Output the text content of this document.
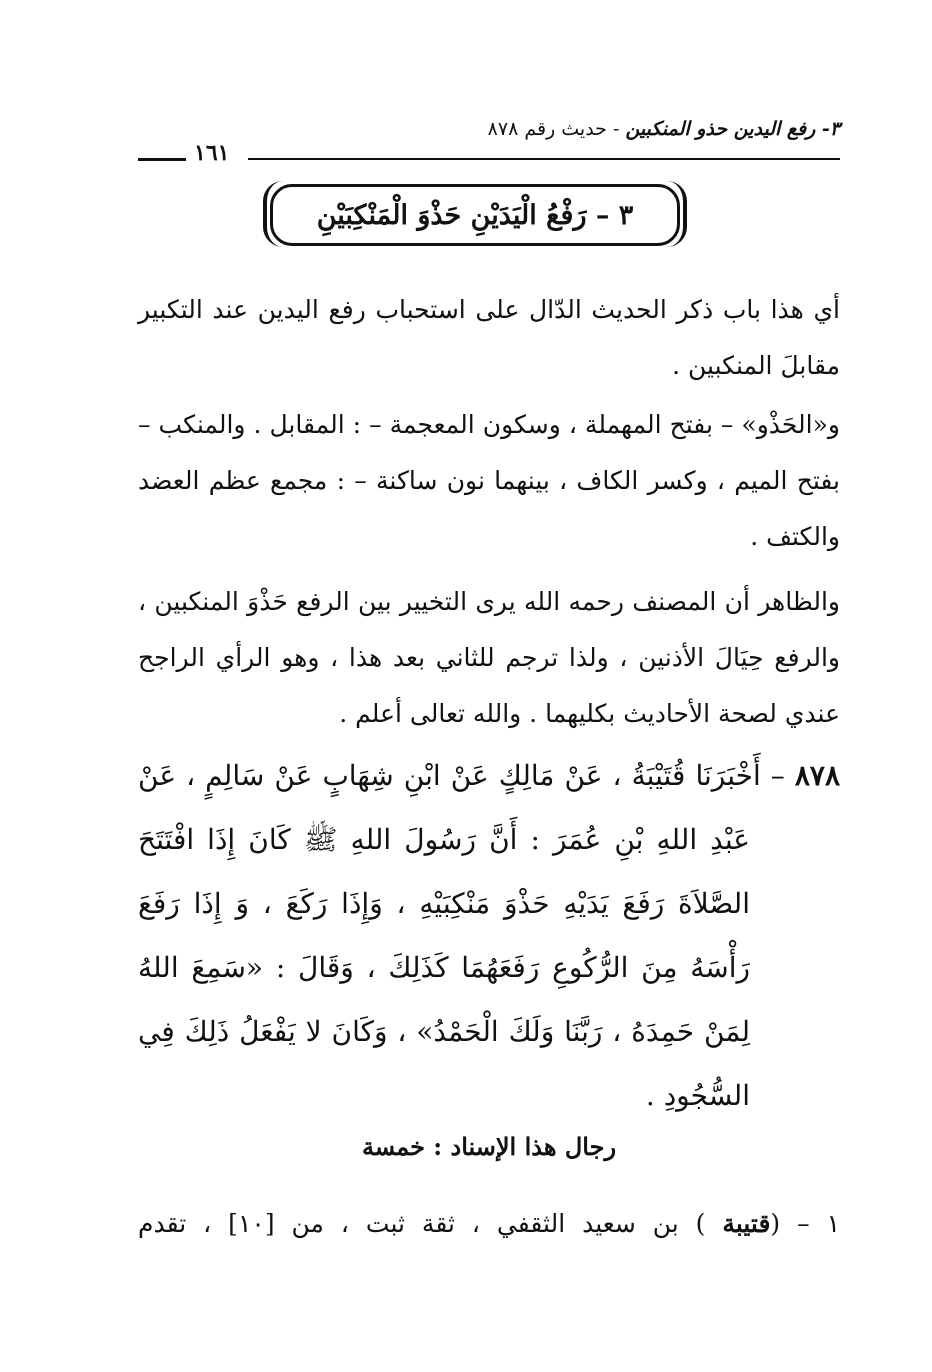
٣- رفع اليدين حذو المنكبين - حديث رقم ٨٧٨
١٦١
٣ – رَفْعُ الْيَدَيْنِ حَذْوَ الْمَنْكِبَيْنِ
أي هذا باب ذكر الحديث الدّال على استحباب رفع اليدين عند التكبير مقابلَ المنكبين .
و«الحَذْو» – بفتح المهملة ، وسكون المعجمة – : المقابل . والمنكب – بفتح الميم ، وكسر الكاف ، بينهما نون ساكنة – : مجمع عظم العضد والكتف .
والظاهر أن المصنف رحمه الله يرى التخيير بين الرفع حَذْوَ المنكبين ، والرفع حِيَالَ الأذنين ، ولذا ترجم للثاني بعد هذا ، وهو الرأي الراجح عندي لصحة الأحاديث بكليهما . والله تعالى أعلم .
٨٧٨ – أَخْبَرَنَا قُتَيْبَةُ ، عَنْ مَالِكٍ عَنْ ابْنِ شِهَابٍ عَنْ سَالِمٍ ، عَنْ
عَبْدِ اللهِ بْنِ عُمَرَ : أَنَّ رَسُولَ اللهِ ﷺ كَانَ إِذَا افْتَتَحَ الصَّلاَةَ رَفَعَ يَدَيْهِ حَذْوَ مَنْكِبَيْهِ ، وَإِذَا رَكَعَ ، وَ إِذَا رَفَعَ رَأْسَهُ مِنَ الرُّكُوعِ رَفَعَهُمَا كَذَلِكَ ، وَقَالَ : «سَمِعَ اللهُ لِمَنْ حَمِدَهُ ، رَبَّنَا وَلَكَ الْحَمْدُ» ، وَكَانَ لا يَفْعَلُ ذَلِكَ فِي السُّجُودِ .
رجال هذا الإسناد : خمسة
١ – (قتيبة ) بن سعيد الثقفي ، ثقة ثبت ، من [١٠] ، تقدم
